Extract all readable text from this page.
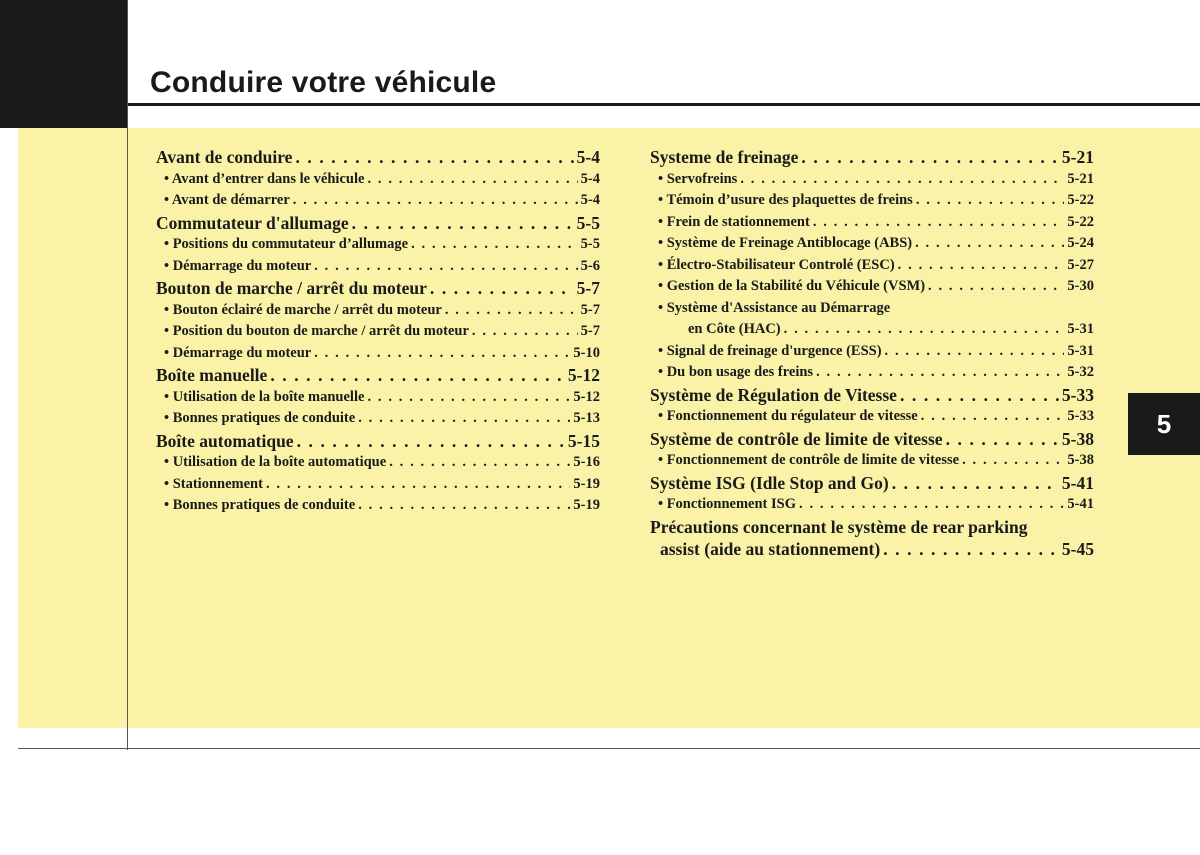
Conduire votre véhicule
5
Avant de conduire . . .	5-4
• Avant d’entrer dans le véhicule . . .	5-4
• Avant de démarrer . . .	5-4
Commutateur d'allumage . . .	5-5
• Positions du commutateur d’allumage . . .	5-5
• Démarrage du moteur . . .	5-6
Bouton de marche / arrêt du moteur . . .	5-7
• Bouton éclairé de marche / arrêt du moteur . . .	5-7
• Position du bouton de marche / arrêt du moteur . . .	5-7
• Démarrage du moteur . . .	5-10
Boîte manuelle . . .	5-12
• Utilisation de la boîte manuelle . . .	5-12
• Bonnes pratiques de conduite . . .	5-13
Boîte automatique . . .	5-15
• Utilisation de la boîte automatique . . .	5-16
• Stationnement . . .	5-19
• Bonnes pratiques de conduite . . .	5-19
Systeme de freinage . . .	5-21
• Servofreins . . .	5-21
• Témoin d’usure des plaquettes de freins . . .	5-22
• Frein de stationnement . . .	5-22
• Système de Freinage Antiblocage (ABS) . . .	5-24
• Électro-Stabilisateur Controlé (ESC) . . .	5-27
• Gestion de la Stabilité du Véhicule (VSM) . . .	5-30
• Système d'Assistance au Démarrage
en Côte (HAC) . . .	5-31
• Signal de freinage d'urgence (ESS) . . .	5-31
• Du bon usage des freins . . .	5-32
Système de Régulation de Vitesse . . .	5-33
• Fonctionnement du régulateur de vitesse . . .	5-33
Système de contrôle de limite de vitesse . . .	5-38
• Fonctionnement de contrôle de limite de vitesse . . .	5-38
Système ISG (Idle Stop and Go) . . .	5-41
• Fonctionnement ISG . . .	5-41
Précautions concernant le système de rear parking
assist (aide au stationnement) . . .	5-45
